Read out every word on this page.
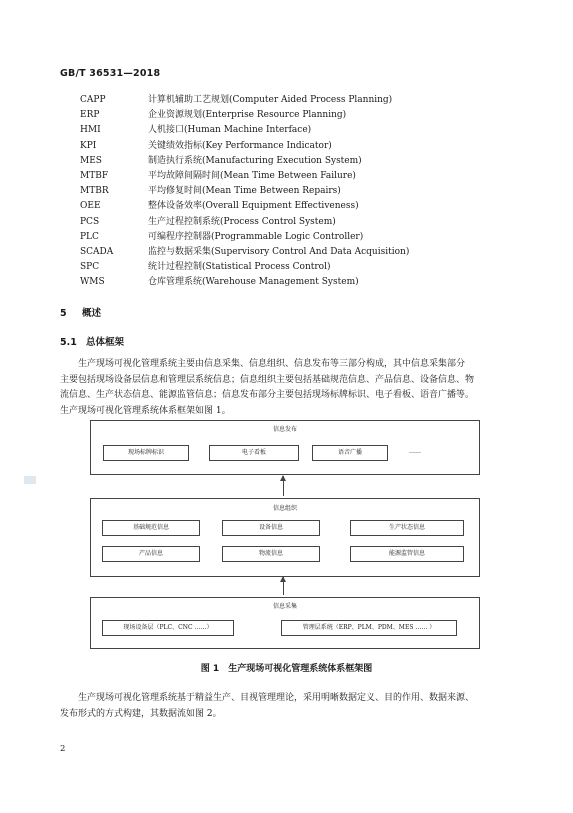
GB/T 36531—2018
CAPP	计算机辅助工艺规划(Computer Aided Process Planning)
ERP	企业资源规划(Enterprise Resource Planning)
HMI	人机接口(Human Machine Interface)
KPI	关键绩效指标(Key Performance Indicator)
MES	制造执行系统(Manufacturing Execution System)
MTBF	平均故障间隔时间(Mean Time Between Failure)
MTBR	平均修复时间(Mean Time Between Repairs)
OEE	整体设备效率(Overall Equipment Effectiveness)
PCS	生产过程控制系统(Process Control System)
PLC	可编程序控制器(Programmable Logic Controller)
SCADA	监控与数据采集(Supervisory Control And Data Acquisition)
SPC	统计过程控制(Statistical Process Control)
WMS	仓库管理系统(Warehouse Management System)
5 概述
5.1 总体框架
生产现场可视化管理系统主要由信息采集、信息组织、信息发布等三部分构成，其中信息采集部分
主要包括现场设备层信息和管理层系统信息；信息组织主要包括基础规范信息、产品信息、设备信息、物
流信息、生产状态信息、能源监管信息；信息发布部分主要包括现场标牌标识、电子看板、语音广播等。
生产现场可视化管理系统体系框架如图 1。
信息发布
现场标牌标识	电子看板	语音广播	……
信息组织
基础规范信息	设备信息	生产状态信息
产品信息	物流信息	能源监管信息
信息采集
现场设备层（PLC、CNC ……）	管理层系统（ERP、PLM、PDM、MES …… ）
图 1　生产现场可视化管理系统体系框架图
生产现场可视化管理系统基于精益生产、目视管理理论，采用明晰数据定义、目的作用、数据来源、
发布形式的方式构建，其数据流如图 2。
2
